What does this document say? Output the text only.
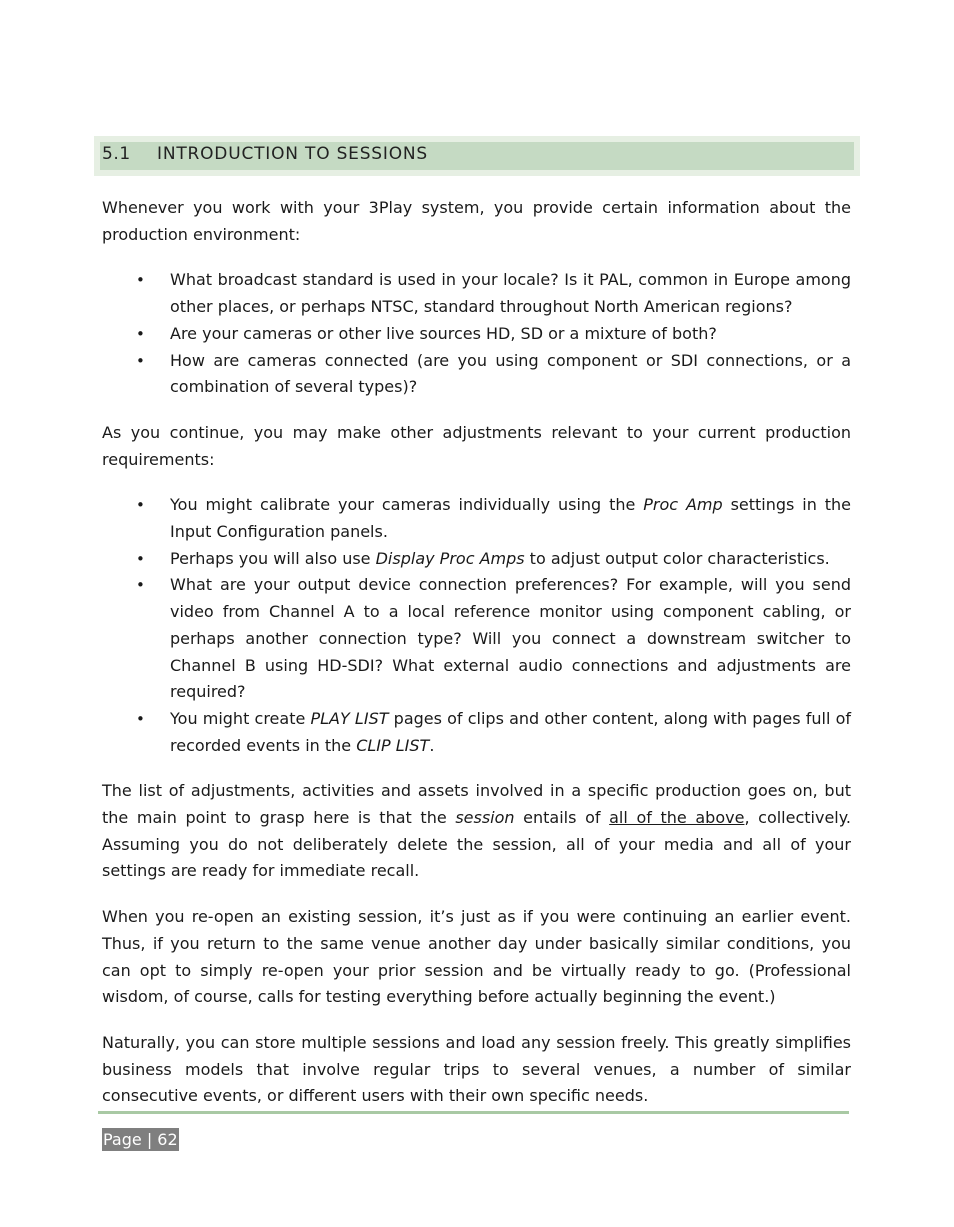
5.1 INTRODUCTION TO SESSIONS

Whenever you work with your 3Play system, you provide certain information about the production environment:

• What broadcast standard is used in your locale? Is it PAL, common in Europe among other places, or perhaps NTSC, standard throughout North American regions?
• Are your cameras or other live sources HD, SD or a mixture of both?
• How are cameras connected (are you using component or SDI connections, or a combination of several types)?

As you continue, you may make other adjustments relevant to your current production requirements:

• You might calibrate your cameras individually using the Proc Amp settings in the Input Configuration panels.
• Perhaps you will also use Display Proc Amps to adjust output color characteristics.
• What are your output device connection preferences? For example, will you send video from Channel A to a local reference monitor using component cabling, or perhaps another connection type? Will you connect a downstream switcher to Channel B using HD-SDI? What external audio connections and adjustments are required?
• You might create PLAY LIST pages of clips and other content, along with pages full of recorded events in the CLIP LIST.

The list of adjustments, activities and assets involved in a specific production goes on, but the main point to grasp here is that the session entails of all of the above, collectively. Assuming you do not deliberately delete the session, all of your media and all of your settings are ready for immediate recall.

When you re-open an existing session, it’s just as if you were continuing an earlier event. Thus, if you return to the same venue another day under basically similar conditions, you can opt to simply re-open your prior session and be virtually ready to go. (Professional wisdom, of course, calls for testing everything before actually beginning the event.)

Naturally, you can store multiple sessions and load any session freely. This greatly simplifies business models that involve regular trips to several venues, a number of similar consecutive events, or different users with their own specific needs.

Page | 62
